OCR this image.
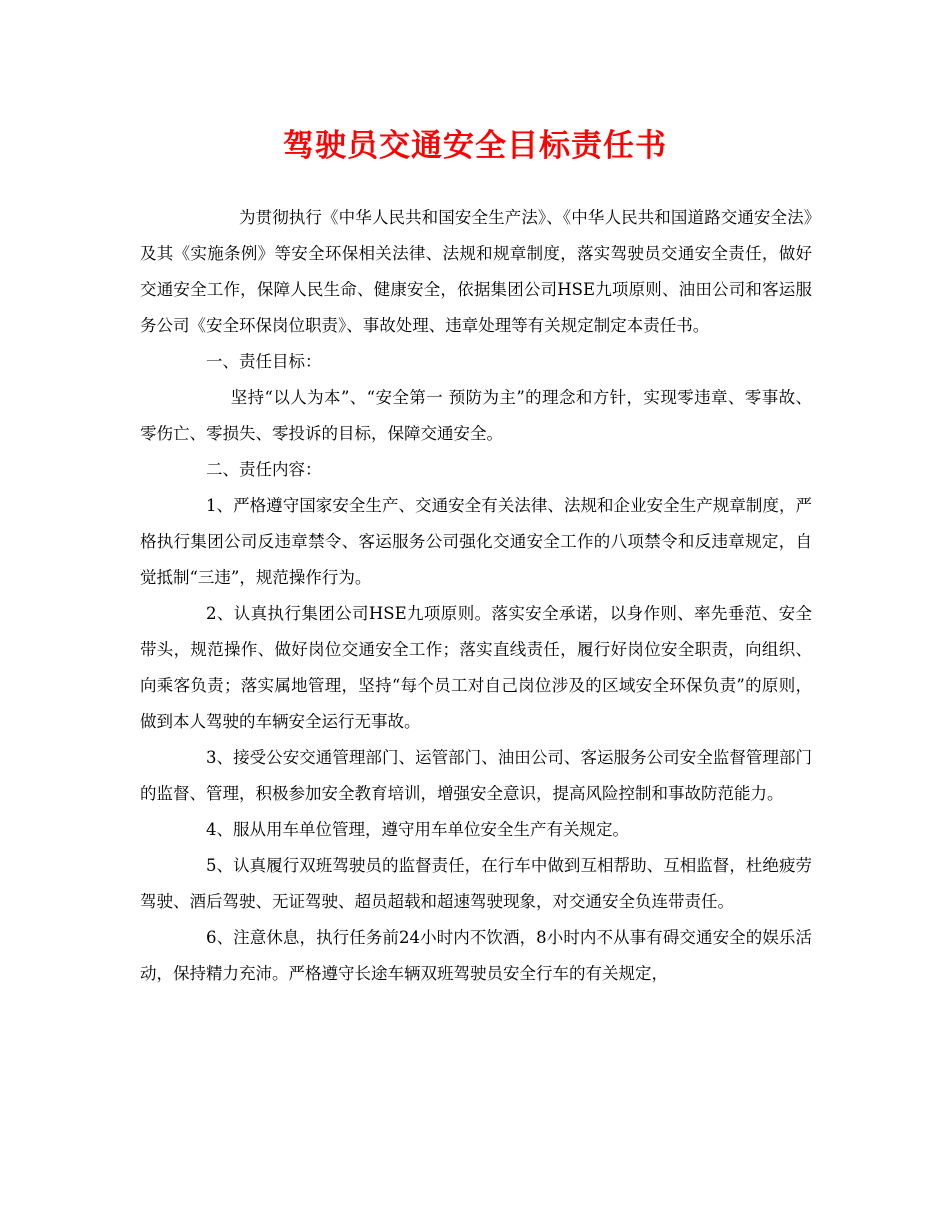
驾驶员交通安全目标责任书

为贯彻执行《中华人民共和国安全生产法》、《中华人民共和国道路交通安全法》及其《实施条例》等安全环保相关法律、法规和规章制度，落实驾驶员交通安全责任，做好交通安全工作，保障人民生命、健康安全，依据集团公司HSE九项原则、油田公司和客运服务公司《安全环保岗位职责》、事故处理、违章处理等有关规定制定本责任书。

一、责任目标：

坚持“以人为本”、“安全第一 预防为主”的理念和方针，实现零违章、零事故、零伤亡、零损失、零投诉的目标，保障交通安全。

二、责任内容：

1、严格遵守国家安全生产、交通安全有关法律、法规和企业安全生产规章制度，严格执行集团公司反违章禁令、客运服务公司强化交通安全工作的八项禁令和反违章规定，自觉抵制“三违”，规范操作行为。

2、认真执行集团公司HSE九项原则。落实安全承诺，以身作则、率先垂范、安全带头，规范操作、做好岗位交通安全工作；落实直线责任，履行好岗位安全职责，向组织、向乘客负责；落实属地管理，坚持“每个员工对自己岗位涉及的区域安全环保负责”的原则，做到本人驾驶的车辆安全运行无事故。

3、接受公安交通管理部门、运管部门、油田公司、客运服务公司安全监督管理部门的监督、管理，积极参加安全教育培训，增强安全意识，提高风险控制和事故防范能力。

4、服从用车单位管理，遵守用车单位安全生产有关规定。

5、认真履行双班驾驶员的监督责任，在行车中做到互相帮助、互相监督，杜绝疲劳驾驶、酒后驾驶、无证驾驶、超员超载和超速驾驶现象，对交通安全负连带责任。

6、注意休息，执行任务前24小时内不饮酒，8小时内不从事有碍交通安全的娱乐活动，保持精力充沛。严格遵守长途车辆双班驾驶员安全行车的有关规定，
